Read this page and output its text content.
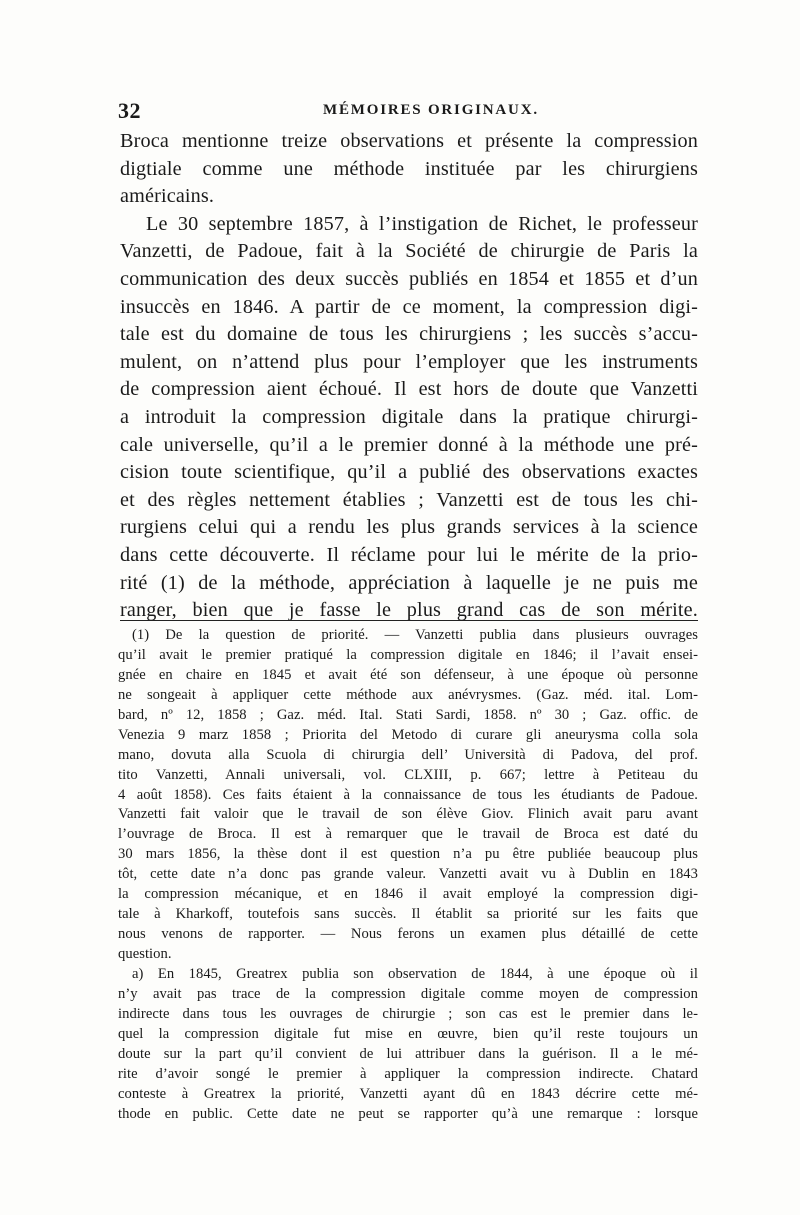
32	MÉMOIRES ORIGINAUX.
Broca mentionne treize observations et présente la compression
digtiale comme une méthode instituée par les chirurgiens
américains.
Le 30 septembre 1857, à l’instigation de Richet, le professeur
Vanzetti, de Padoue, fait à la Société de chirurgie de Paris la
communication des deux succès publiés en 1854 et 1855 et d’un
insuccès en 1846. A partir de ce moment, la compression digi-
tale est du domaine de tous les chirurgiens ; les succès s’accu-
mulent, on n’attend plus pour l’employer que les instruments
de compression aient échoué. Il est hors de doute que Vanzetti
a introduit la compression digitale dans la pratique chirurgi-
cale universelle, qu’il a le premier donné à la méthode une pré-
cision toute scientifique, qu’il a publié des observations exactes
et des règles nettement établies ; Vanzetti est de tous les chi-
rurgiens celui qui a rendu les plus grands services à la science
dans cette découverte. Il réclame pour lui le mérite de la prio-
rité (1) de la méthode, appréciation à laquelle je ne puis me
ranger, bien que je fasse le plus grand cas de son mérite.
(1) De la question de priorité. — Vanzetti publia dans plusieurs ouvrages
qu’il avait le premier pratiqué la compression digitale en 1846; il l’avait ensei-
gnée en chaire en 1845 et avait été son défenseur, à une époque où personne
ne songeait à appliquer cette méthode aux anévrysmes. (Gaz. méd. ital. Lom-
bard, nº 12, 1858 ; Gaz. méd. Ital. Stati Sardi, 1858. nº 30 ; Gaz. offic. de
Venezia 9 marz 1858 ; Priorita del Metodo di curare gli aneurysma colla sola
mano, dovuta alla Scuola di chirurgia dell’ Università di Padova, del prof.
tito Vanzetti, Annali universali, vol. CLXIII, p. 667; lettre à Petiteau du
4 août 1858). Ces faits étaient à la connaissance de tous les étudiants de Padoue.
Vanzetti fait valoir que le travail de son élève Giov. Flinich avait paru avant
l’ouvrage de Broca. Il est à remarquer que le travail de Broca est daté du
30 mars 1856, la thèse dont il est question n’a pu être publiée beaucoup plus
tôt, cette date n’a donc pas grande valeur. Vanzetti avait vu à Dublin en 1843
la compression mécanique, et en 1846 il avait employé la compression digi-
tale à Kharkoff, toutefois sans succès. Il établit sa priorité sur les faits que
nous venons de rapporter. — Nous ferons un examen plus détaillé de cette
question.
a) En 1845, Greatrex publia son observation de 1844, à une époque où il
n’y avait pas trace de la compression digitale comme moyen de compression
indirecte dans tous les ouvrages de chirurgie ; son cas est le premier dans le-
quel la compression digitale fut mise en œuvre, bien qu’il reste toujours un
doute sur la part qu’il convient de lui attribuer dans la guérison. Il a le mé-
rite d’avoir songé le premier à appliquer la compression indirecte. Chatard
conteste à Greatrex la priorité, Vanzetti ayant dû en 1843 décrire cette mé-
thode en public. Cette date ne peut se rapporter qu’à une remarque : lorsque
